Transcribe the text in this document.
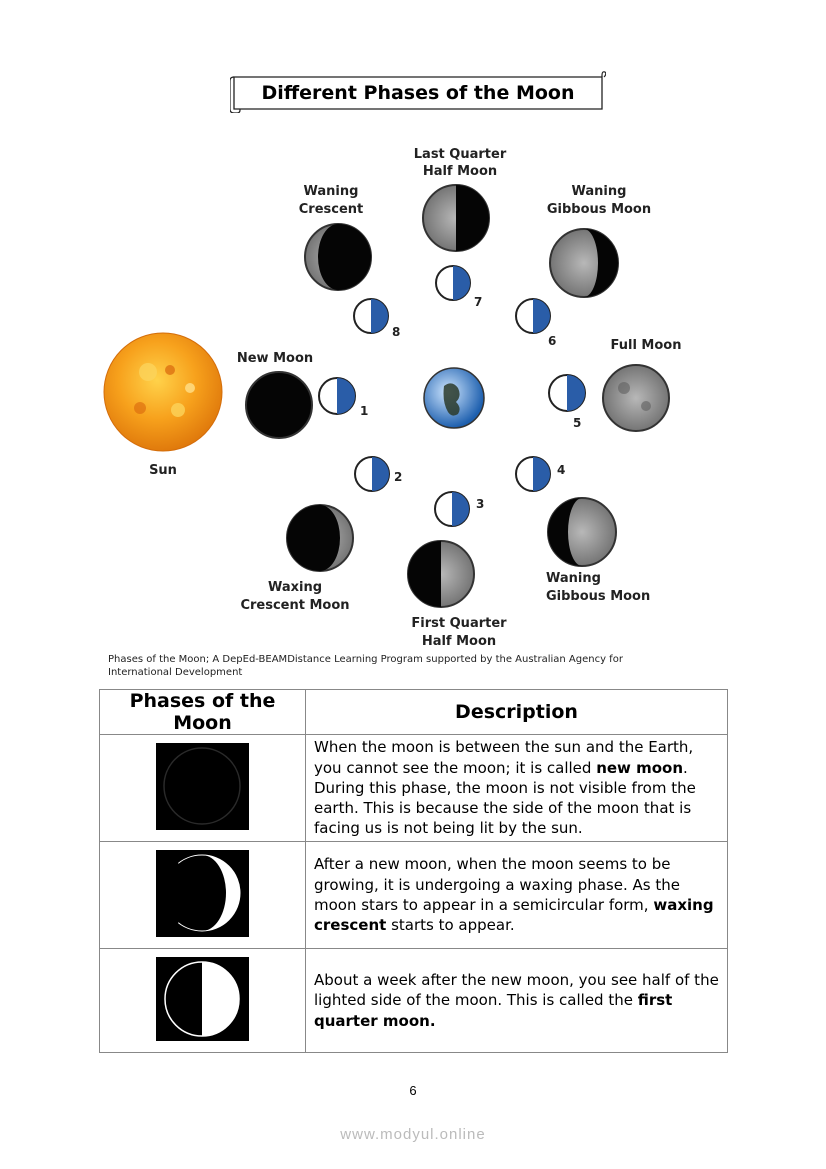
Different Phases of the Moon
Sun
1
2
3
4
5
6
7
8
New Moon
Waxing
Crescent Moon
First Quarter
Half Moon
Waning
Gibbous Moon
Full Moon
Waning
Gibbous Moon
Last Quarter
Half Moon
Waning
Crescent
Phases of the Moon; A DepEd-BEAMDistance Learning Program supported by the Australian Agency for
International Development
Phases of the Moon	Description
	When the moon is between the sun and the Earth, you cannot see the moon; it is called new moon. During this phase, the moon is not visible from the earth. This is because the side of the moon that is facing us is not being lit by the sun.
	After a new moon, when the moon seems to be growing, it is undergoing a waxing phase. As the moon stars to appear in a semicircular form, waxing crescent starts to appear.
	About a week after the new moon, you see half of the lighted side of the moon. This is called the first quarter moon.
6
www.modyul.online
